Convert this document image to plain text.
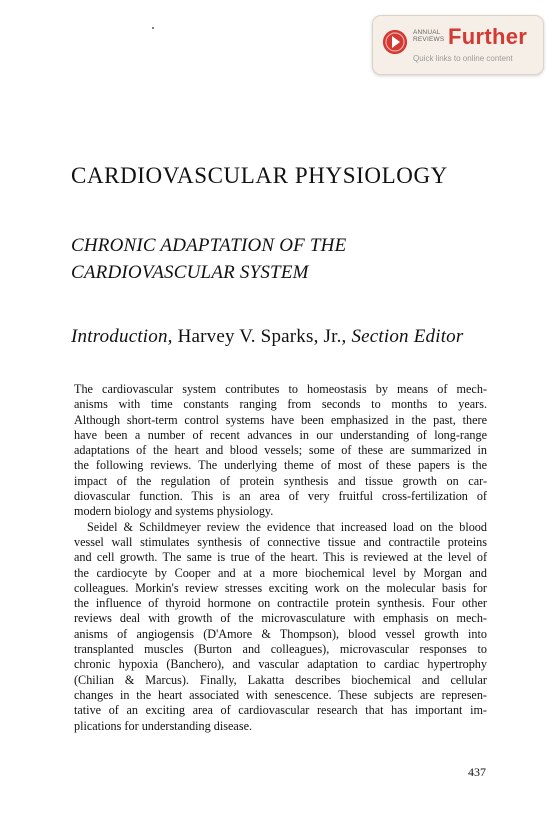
ANNUAL
REVIEWS Further
Quick links to online content
CARDIOVASCULAR PHYSIOLOGY
CHRONIC ADAPTATION OF THE
CARDIOVASCULAR SYSTEM
Introduction, Harvey V. Sparks, Jr., Section Editor
The cardiovascular system contributes to homeostasis by means of mech-
anisms with time constants ranging from seconds to months to years.
Although short-term control systems have been emphasized in the past, there
have been a number of recent advances in our understanding of long-range
adaptations of the heart and blood vessels; some of these are summarized in
the following reviews. The underlying theme of most of these papers is the
impact of the regulation of protein synthesis and tissue growth on car-
diovascular function. This is an area of very fruitful cross-fertilization of
modern biology and systems physiology.
Seidel & Schildmeyer review the evidence that increased load on the blood
vessel wall stimulates synthesis of connective tissue and contractile proteins
and cell growth. The same is true of the heart. This is reviewed at the level of
the cardiocyte by Cooper and at a more biochemical level by Morgan and
colleagues. Morkin's review stresses exciting work on the molecular basis for
the influence of thyroid hormone on contractile protein synthesis. Four other
reviews deal with growth of the microvasculature with emphasis on mech-
anisms of angiogensis (D'Amore & Thompson), blood vessel growth into
transplanted muscles (Burton and colleagues), microvascular responses to
chronic hypoxia (Banchero), and vascular adaptation to cardiac hypertrophy
(Chilian & Marcus). Finally, Lakatta describes biochemical and cellular
changes in the heart associated with senescence. These subjects are represen-
tative of an exciting area of cardiovascular research that has important im-
plications for understanding disease.
437
